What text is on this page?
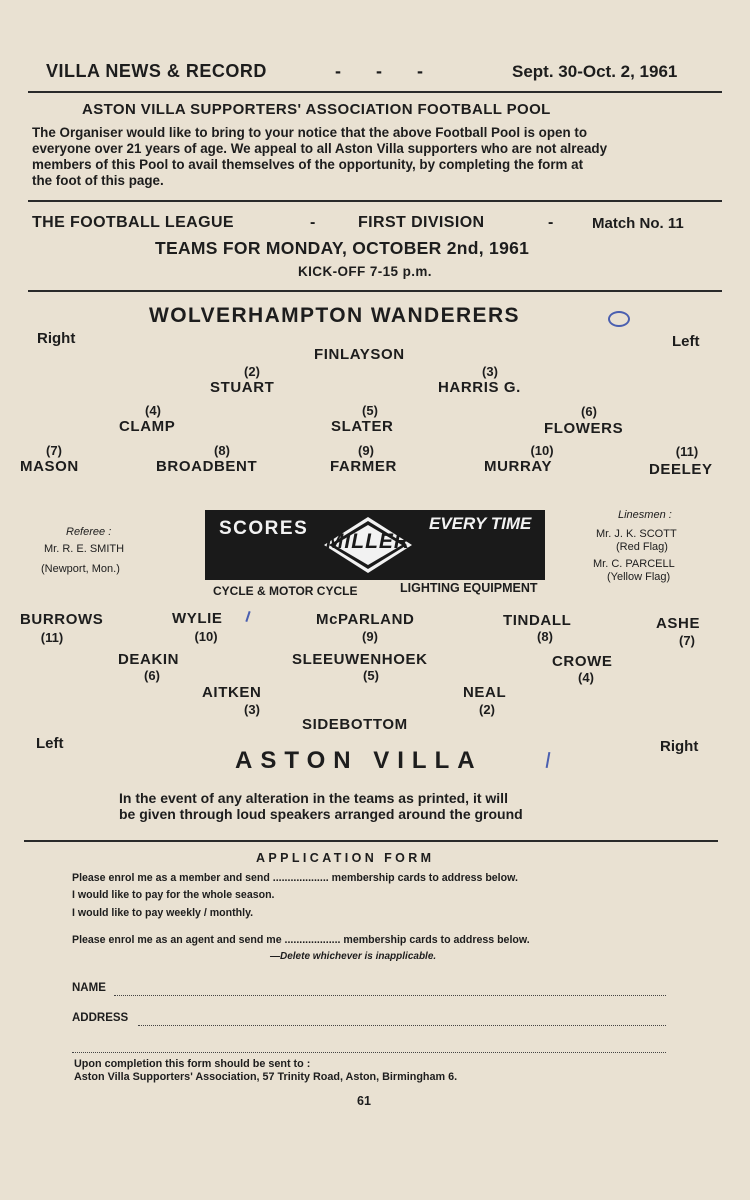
VILLA NEWS & RECORD	- - -	Sept. 30-Oct. 2, 1961
ASTON VILLA SUPPORTERS' ASSOCIATION FOOTBALL POOL
The Organiser would like to bring to your notice that the above Football Pool is open to
everyone over 21 years of age. We appeal to all Aston Villa supporters who are not already
members of this Pool to avail themselves of the opportunity, by completing the form at
the foot of this page.
THE FOOTBALL LEAGUE	-	FIRST DIVISION	-	Match No. 11
TEAMS FOR MONDAY, OCTOBER 2nd, 1961
KICK-OFF 7-15 p.m.
WOLVERHAMPTON WANDERERS
Right	Left
FINLAYSON
(2)
STUART
(3)
HARRIS G.
(4)
CLAMP
(5)
SLATER
(6)
FLOWERS
(7)
MASON
(8)
BROADBENT
(9)
FARMER
(10)
MURRAY
(11)
DEELEY
Referee :
Mr. R. E. SMITH
(Newport, Mon.)
Linesmen :
Mr. J. K. SCOTT
(Red Flag)
Mr. C. PARCELL
(Yellow Flag)
SCORES	EVERY TIME
MILLER
CYCLE & MOTOR CYCLE	LIGHTING EQUIPMENT
BURROWS
(11)
WYLIE
(10)
McPARLAND
(9)
TINDALL
(8)
ASHE
(7)
DEAKIN
(6)
SLEEUWENHOEK
(5)
CROWE
(4)
AITKEN
(3)
NEAL
(2)
SIDEBOTTOM
Left	Right
ASTON VILLA
In the event of any alteration in the teams as printed, it will
be given through loud speakers arranged around the ground
APPLICATION FORM
Please enrol me as a member and send ................... membership cards to address below.
I would like to pay for the whole season.
I would like to pay weekly / monthly.
Please enrol me as an agent and send me ................... membership cards to address below.
—Delete whichever is inapplicable.
NAME
ADDRESS
Upon completion this form should be sent to :
Aston Villa Supporters' Association, 57 Trinity Road, Aston, Birmingham 6.
61
